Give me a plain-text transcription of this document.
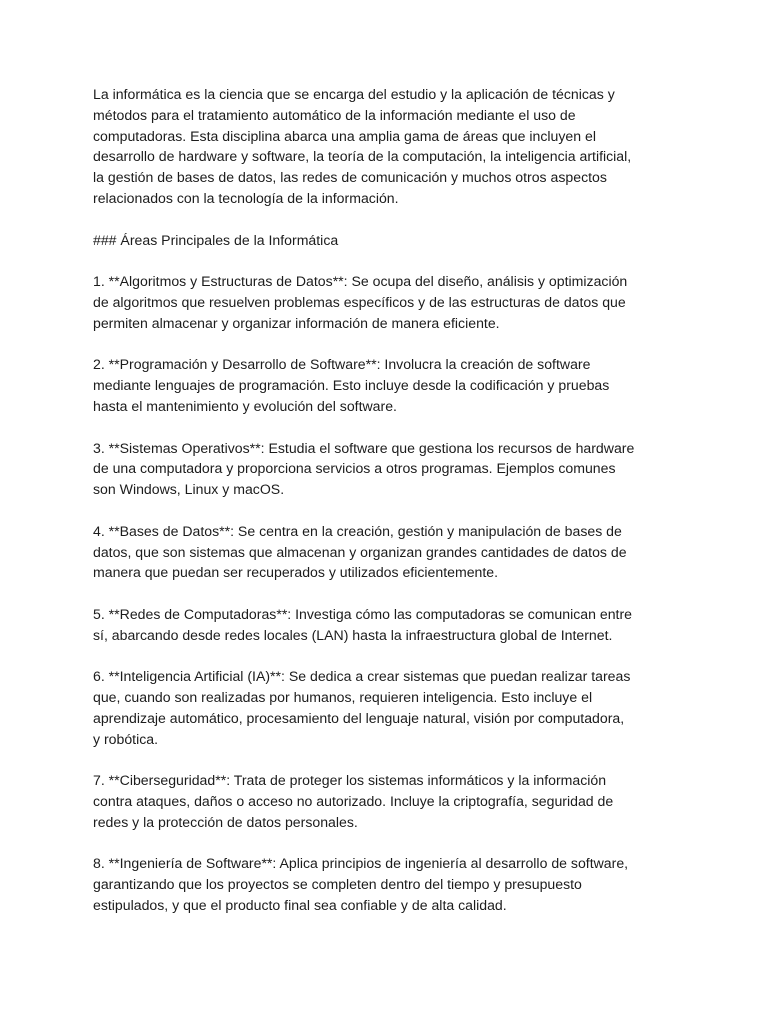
La informática es la ciencia que se encarga del estudio y la aplicación de técnicas y
métodos para el tratamiento automático de la información mediante el uso de
computadoras. Esta disciplina abarca una amplia gama de áreas que incluyen el
desarrollo de hardware y software, la teoría de la computación, la inteligencia artificial,
la gestión de bases de datos, las redes de comunicación y muchos otros aspectos
relacionados con la tecnología de la información.

### Áreas Principales de la Informática

1. **Algoritmos y Estructuras de Datos**: Se ocupa del diseño, análisis y optimización
de algoritmos que resuelven problemas específicos y de las estructuras de datos que
permiten almacenar y organizar información de manera eficiente.

2. **Programación y Desarrollo de Software**: Involucra la creación de software
mediante lenguajes de programación. Esto incluye desde la codificación y pruebas
hasta el mantenimiento y evolución del software.

3. **Sistemas Operativos**: Estudia el software que gestiona los recursos de hardware
de una computadora y proporciona servicios a otros programas. Ejemplos comunes
son Windows, Linux y macOS.

4. **Bases de Datos**: Se centra en la creación, gestión y manipulación de bases de
datos, que son sistemas que almacenan y organizan grandes cantidades de datos de
manera que puedan ser recuperados y utilizados eficientemente.

5. **Redes de Computadoras**: Investiga cómo las computadoras se comunican entre
sí, abarcando desde redes locales (LAN) hasta la infraestructura global de Internet.

6. **Inteligencia Artificial (IA)**: Se dedica a crear sistemas que puedan realizar tareas
que, cuando son realizadas por humanos, requieren inteligencia. Esto incluye el
aprendizaje automático, procesamiento del lenguaje natural, visión por computadora,
y robótica.

7. **Ciberseguridad**: Trata de proteger los sistemas informáticos y la información
contra ataques, daños o acceso no autorizado. Incluye la criptografía, seguridad de
redes y la protección de datos personales.

8. **Ingeniería de Software**: Aplica principios de ingeniería al desarrollo de software,
garantizando que los proyectos se completen dentro del tiempo y presupuesto
estipulados, y que el producto final sea confiable y de alta calidad.
